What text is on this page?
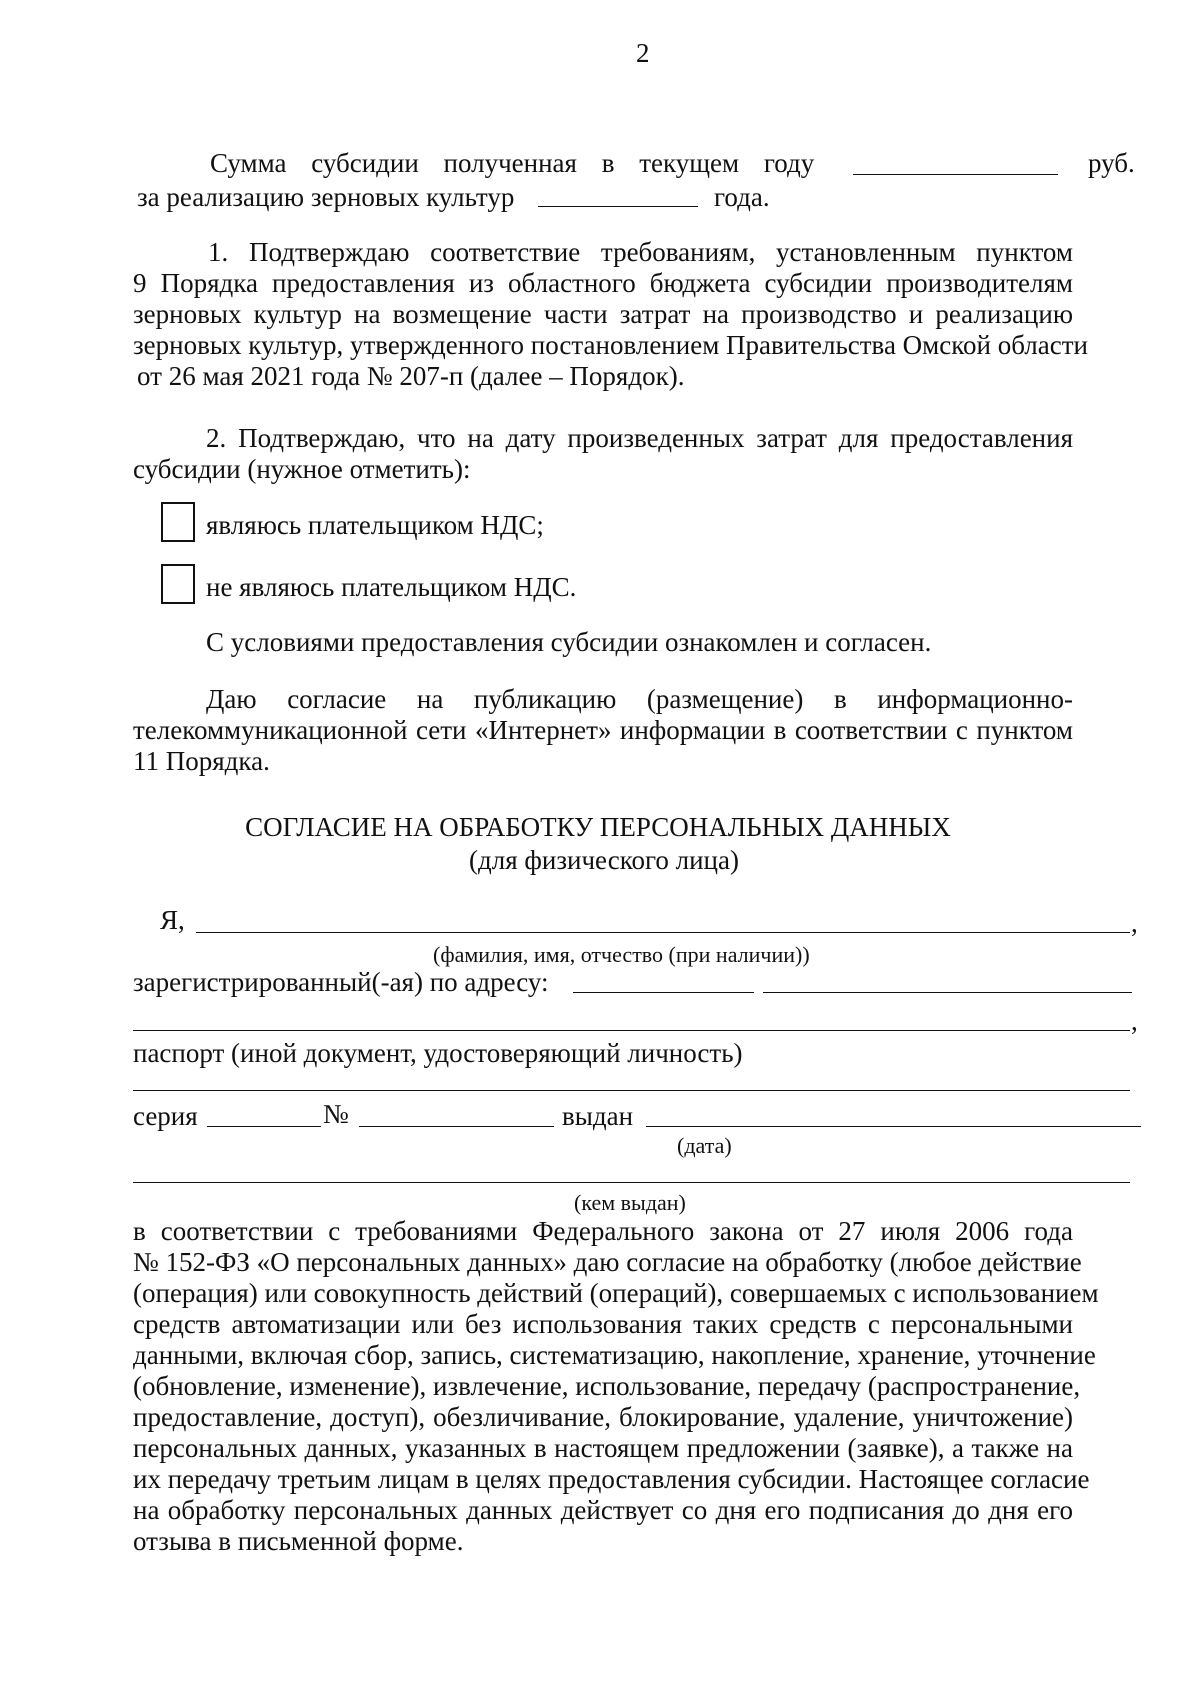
2
Сумма субсидии полученная в текущем году	руб.
за реализацию зерновых культур	года.
1. Подтверждаю соответствие требованиям, установленным пунктом
9 Порядка предоставления из областного бюджета субсидии производителям
зерновых культур на возмещение части затрат на производство и реализацию
зерновых культур, утвержденного постановлением Правительства Омской области
от 26 мая 2021 года № 207-п (далее – Порядок).
2. Подтверждаю, что на дату произведенных затрат для предоставления
субсидии (нужное отметить):
являюсь плательщиком НДС;
не являюсь плательщиком НДС.
С условиями предоставления субсидии ознакомлен и согласен.
Даю согласие на публикацию (размещение) в информационно-
телекоммуникационной сети «Интернет» информации в соответствии с пунктом
11 Порядка.
СОГЛАСИЕ НА ОБРАБОТКУ ПЕРСОНАЛЬНЫХ ДАННЫХ
(для физического лица)
Я,	,
(фамилия, имя, отчество (при наличии))
зарегистрированный(-ая) по адресу:
,
паспорт (иной документ, удостоверяющий личность)
серия	№	выдан
(дата)
(кем выдан)
в соответствии с требованиями Федерального закона от 27 июля 2006 года
№ 152-ФЗ «О персональных данных» даю согласие на обработку (любое действие
(операция) или совокупность действий (операций), совершаемых с использованием
средств автоматизации или без использования таких средств с персональными
данными, включая сбор, запись, систематизацию, накопление, хранение, уточнение
(обновление, изменение), извлечение, использование, передачу (распространение,
предоставление, доступ), обезличивание, блокирование, удаление, уничтожение)
персональных данных, указанных в настоящем предложении (заявке), а также на
их передачу третьим лицам в целях предоставления субсидии. Настоящее согласие
на обработку персональных данных действует со дня его подписания до дня его
отзыва в письменной форме.
